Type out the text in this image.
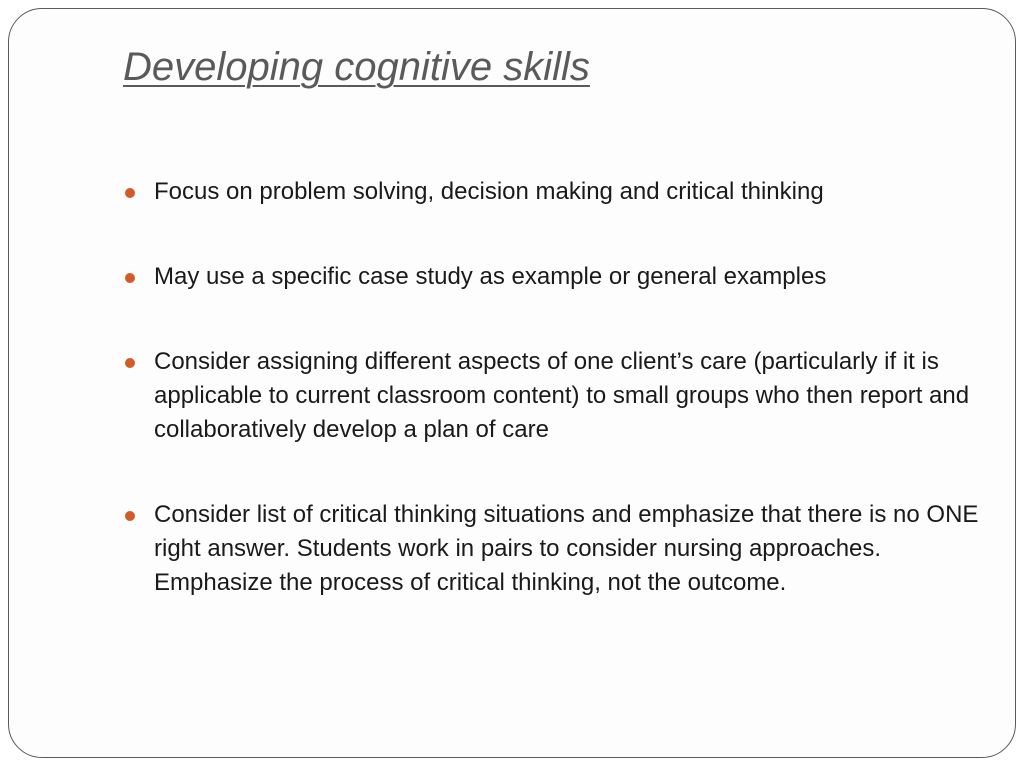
Developing cognitive skills
Focus on problem solving, decision making and critical thinking
May use a specific case study as example or general examples
Consider assigning different aspects of one client’s care (particularly if it is applicable to current classroom content) to small groups who then report and collaboratively develop a plan of care
Consider list of critical thinking situations and emphasize that there is no ONE right answer. Students work in pairs to consider nursing approaches. Emphasize the process of critical thinking, not the outcome.
